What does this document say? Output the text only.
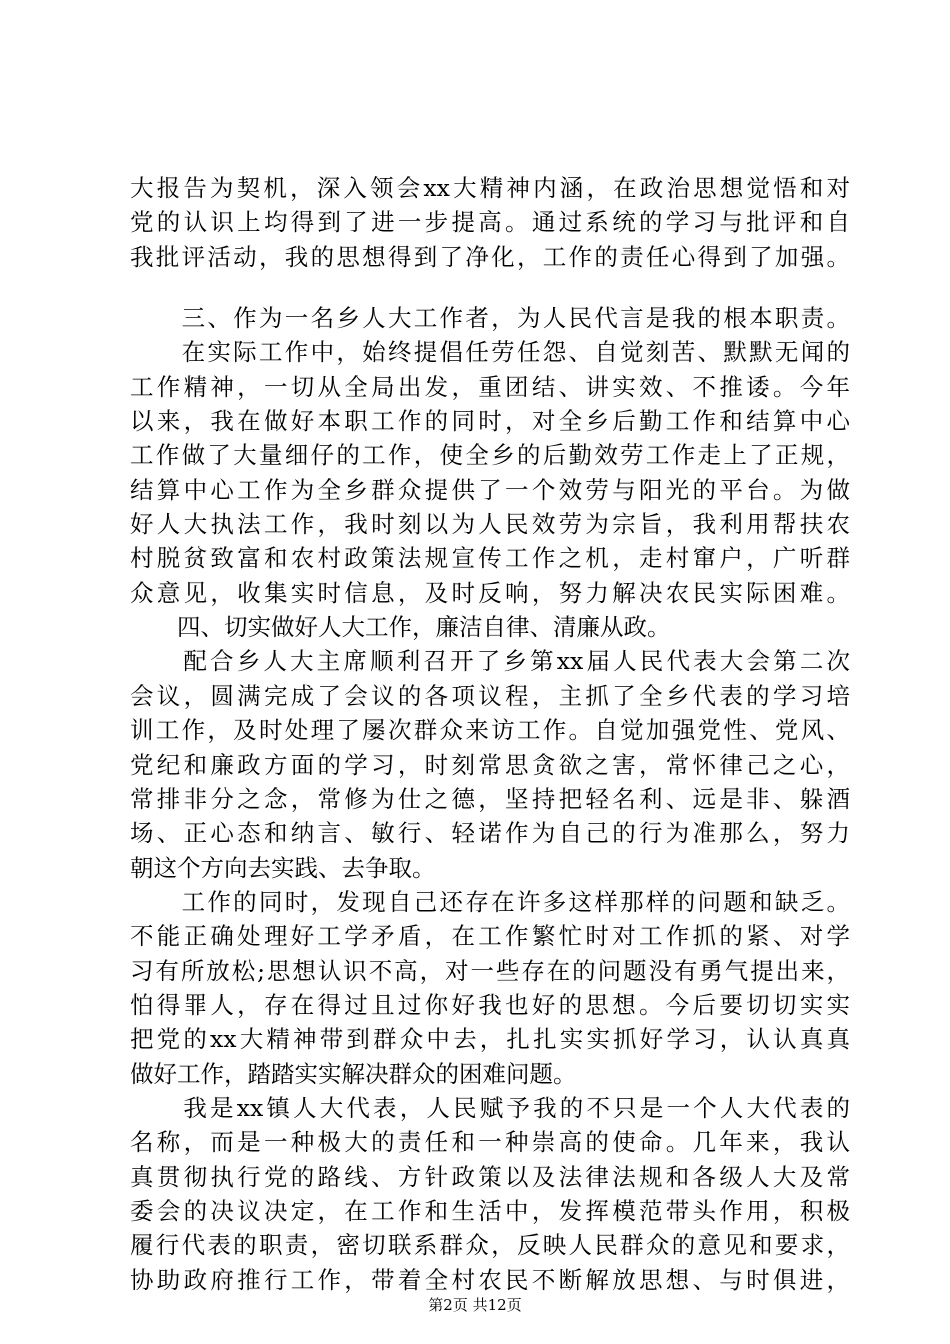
大报告为契机，深入领会xx大精神内涵，在政治思想觉悟和对
党的认识上均得到了进一步提高。通过系统的学习与批评和自
我批评活动，我的思想得到了净化，工作的责任心得到了加强。
　　三、作为一名乡人大工作者，为人民代言是我的根本职责。
　　在实际工作中，始终提倡任劳任怨、自觉刻苦、默默无闻的
工作精神，一切从全局出发，重团结、讲实效、不推诿。今年
以来，我在做好本职工作的同时，对全乡后勤工作和结算中心
工作做了大量细仔的工作，使全乡的后勤效劳工作走上了正规，
结算中心工作为全乡群众提供了一个效劳与阳光的平台。为做
好人大执法工作，我时刻以为人民效劳为宗旨，我利用帮扶农
村脱贫致富和农村政策法规宣传工作之机，走村窜户，广听群
众意见，收集实时信息，及时反响，努力解决农民实际困难。
　　四、切实做好人大工作，廉洁自律、清廉从政。
　　配合乡人大主席顺利召开了乡第xx届人民代表大会第二次
会议，圆满完成了会议的各项议程，主抓了全乡代表的学习培
训工作，及时处理了屡次群众来访工作。自觉加强党性、党风、
党纪和廉政方面的学习，时刻常思贪欲之害，常怀律己之心，
常排非分之念，常修为仕之德，坚持把轻名利、远是非、躲酒
场、正心态和纳言、敏行、轻诺作为自己的行为准那么，努力
朝这个方向去实践、去争取。
　　工作的同时，发现自己还存在许多这样那样的问题和缺乏。
不能正确处理好工学矛盾，在工作繁忙时对工作抓的紧、对学
习有所放松;思想认识不高，对一些存在的问题没有勇气提出来，
怕得罪人，存在得过且过你好我也好的思想。今后要切切实实
把党的xx大精神带到群众中去，扎扎实实抓好学习，认认真真
做好工作，踏踏实实解决群众的困难问题。
　　我是xx镇人大代表，人民赋予我的不只是一个人大代表的
名称，而是一种极大的责任和一种崇高的使命。几年来，我认
真贯彻执行党的路线、方针政策以及法律法规和各级人大及常
委会的决议决定，在工作和生活中，发挥模范带头作用，积极
履行代表的职责，密切联系群众，反映人民群众的意见和要求，
协助政府推行工作，带着全村农民不断解放思想、与时俱进，
第2页 共12页
